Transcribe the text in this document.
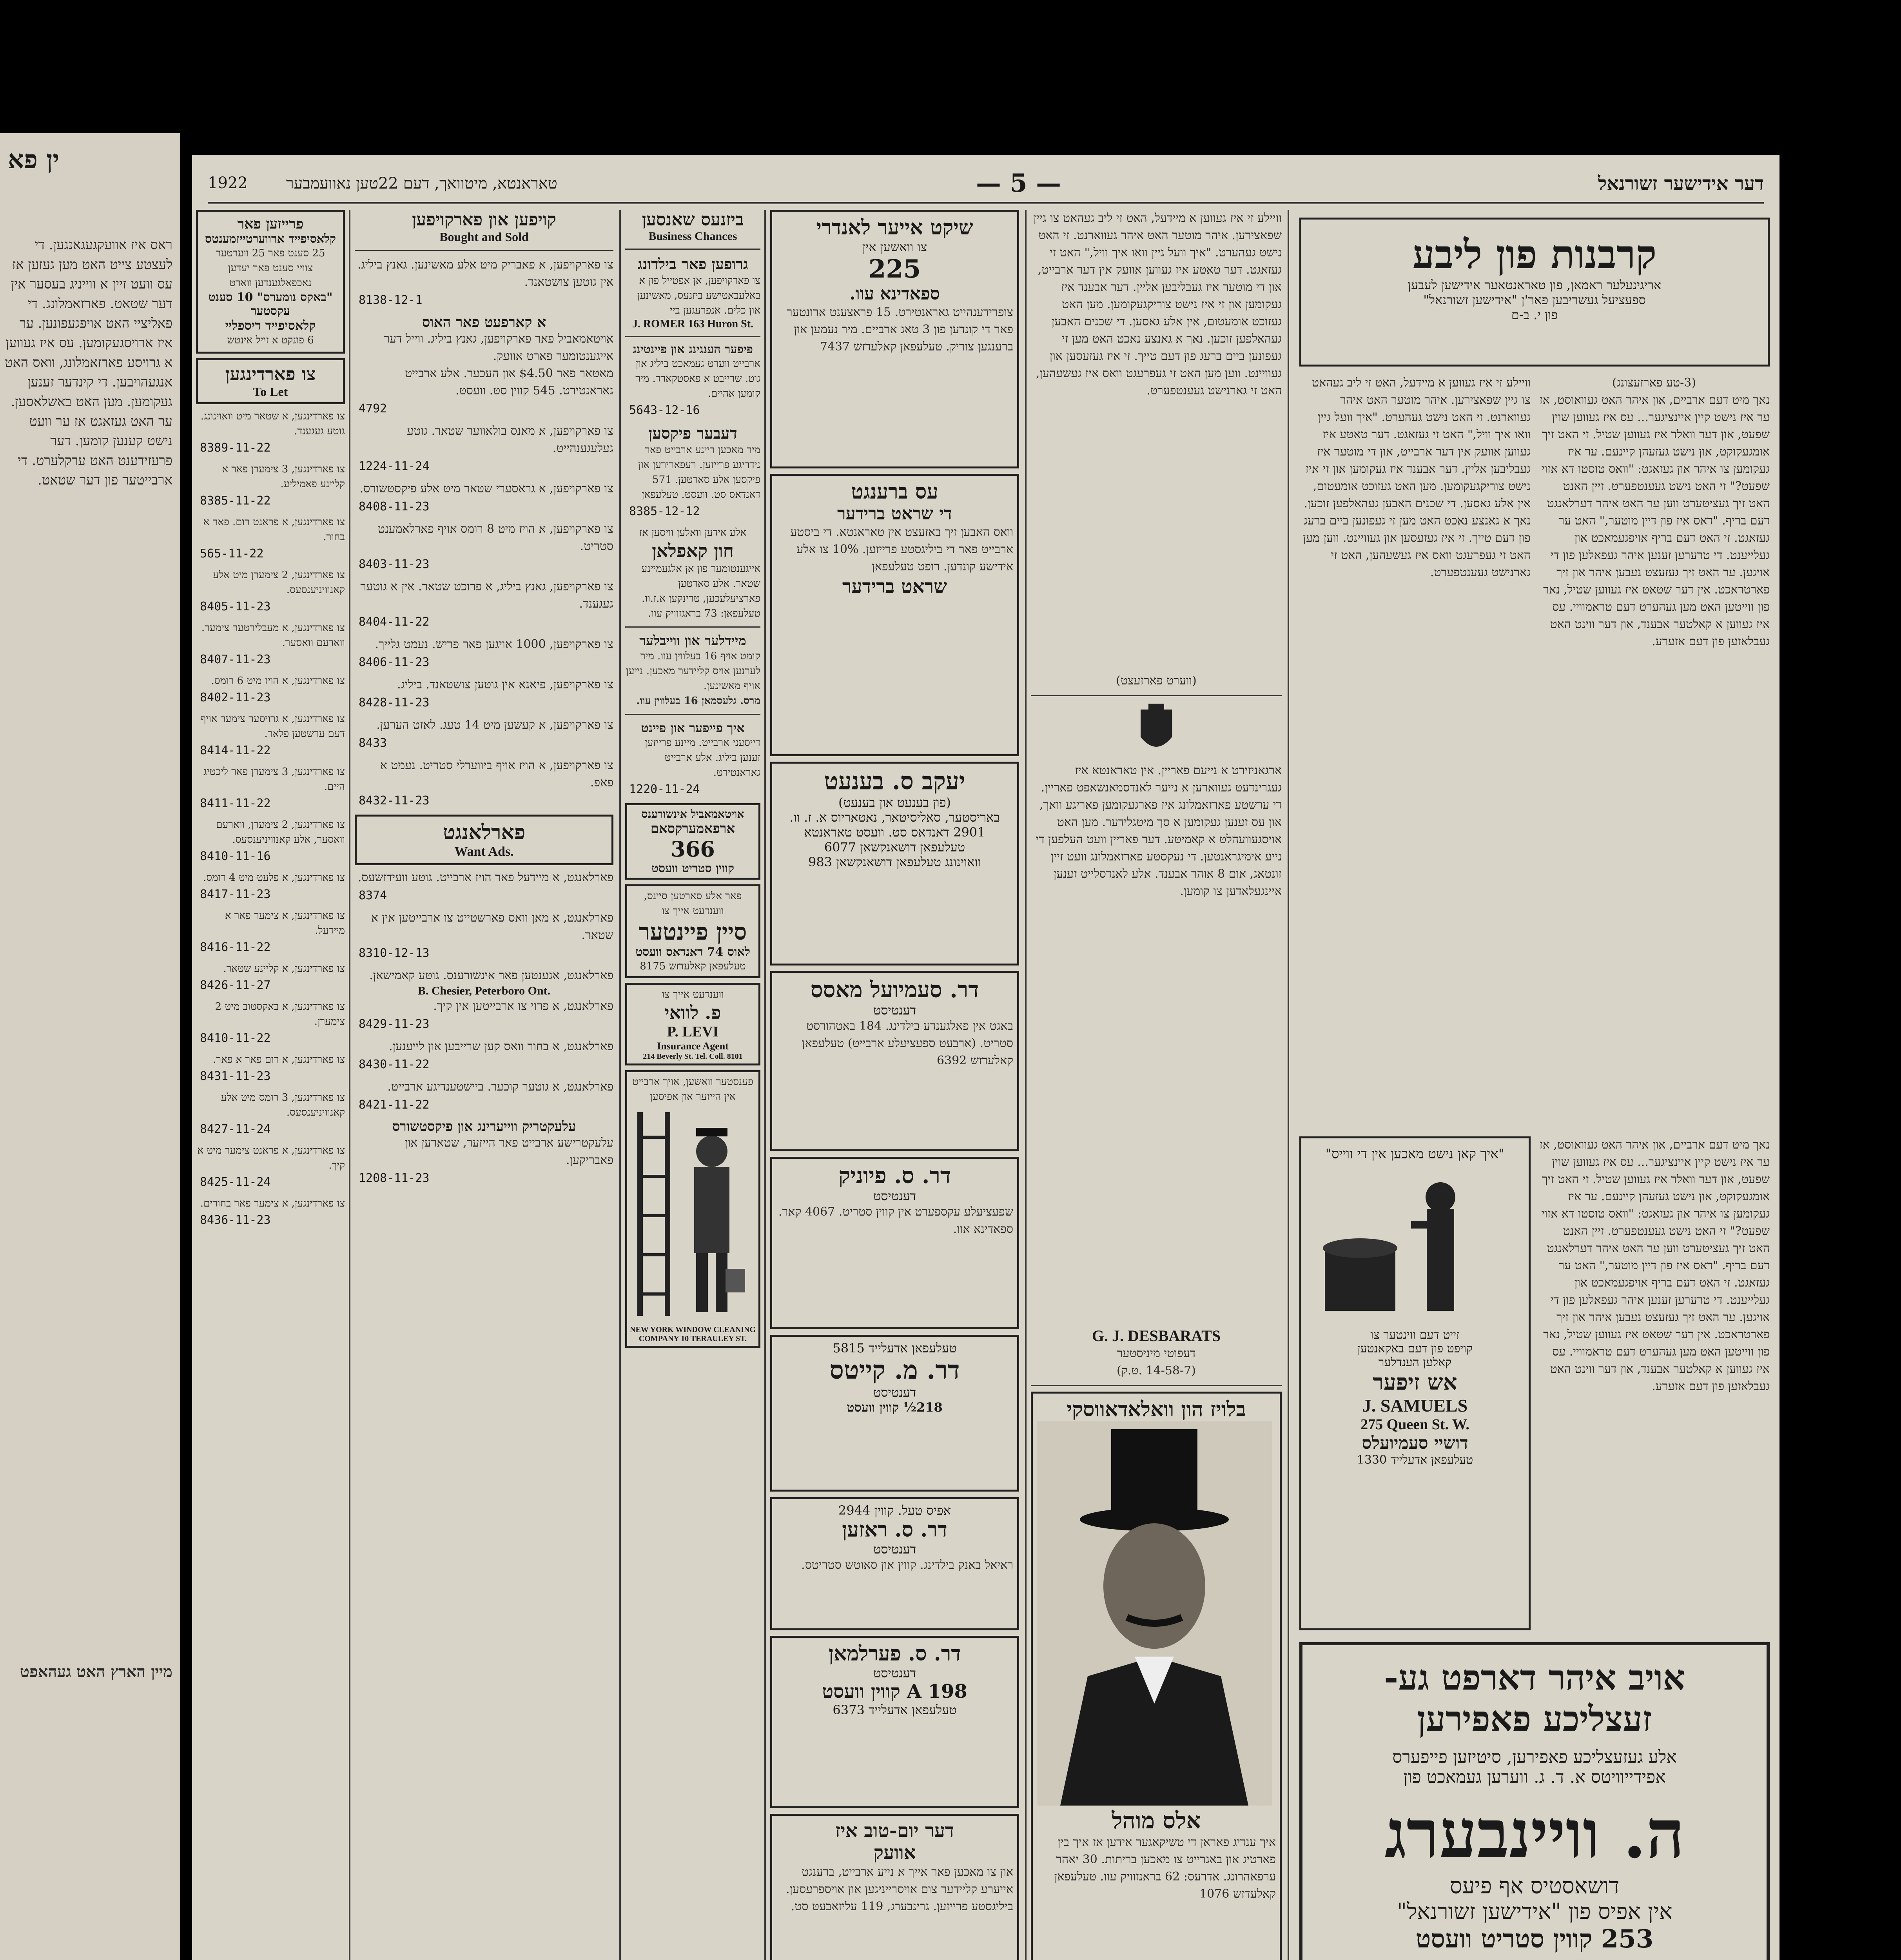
ין פא
ראס איז אוועקגעגאנגען. די לעצטע צייט האט מען געזען אז עס וועט זיין א ווייניג בעסער אין דער שטאט. פארזאמלונג. די פאליציי האט אויפגעפונען. ער איז ארויסגעקומען. עס איז געווען א גרויסע פארזאמלונג, וואס האט אנגעהויבען. די קינדער זענען געקומען. מען האט באשלאסען. ער האט געזאגט אז ער וועט נישט קענען קומען. דער פרעזידענט האט ערקלערט. די ארבייטער פון דער שטאט.
מיין הארץ האט געהאפט
דער אידישער זשורנאל
— 5 —
טאראנטא, מיטוואך, דעם 22טען נאוועמבער
1922
קרבנות פון ליבע
אריגינעלער ראמאן, פון טאראנטאער אידישען לעבען
ספעציעל געשריבען פאר'ן "אידישען זשורנאל"
פון י. ב-ם
(3-טע פארזעצונג)
נאך מיט דעם ארביים, און איהר האט געוואוסט, אז ער איז נישט קיין איינציגער... עס איז געווען שוין שפעט, און דער וואלד איז געווען שטיל. זי האט זיך אומגעקוקט, און נישט געזעהן קיינעם. ער איז געקומען צו איהר און געזאגט: "וואס טוסטו דא אזוי שפעט?" זי האט נישט געענטפערט. זיין האנט האט זיך געציטערט ווען ער האט איהר דערלאנגט דעם בריף. "דאס איז פון דיין מוטער," האט ער געזאגט. זי האט דעם בריף אויפגעמאכט און געלייענט. די טרערען זענען איהר געפאלען פון די אויגען. ער האט זיך געזעצט נעבען איהר און זיך פארטראכט. אין דער שטאט איז געווען שטיל, נאר פון ווייטען האט מען געהערט דעם טראמוויי. עס איז געווען א קאלטער אבענד, און דער ווינט האט געבלאזען פון דעם אזערע.
וויילע זי איז געווען א מיידעל, האט זי ליב געהאט צו גיין שפאצירען. איהר מוטער האט איהר געווארנט. זי האט נישט געהערט. "איך וועל גיין וואו איך וויל," האט זי געזאגט. דער טאטע איז געווען אוועק אין דער ארבייט, און די מוטער איז געבליבען אליין. דער אבענד איז געקומען און זי איז נישט צוריקגעקומען. מען האט געזוכט אומעטום, אין אלע גאסען. די שכנים האבען געהאלפען זוכען. נאך א גאנצע נאכט האט מען זי געפונען ביים ברעג פון דעם טייך. זי איז געזעסען און געוויינט. ווען מען האט זי געפרעגט וואס איז געשעהען, האט זי גארנישט געענטפערט.
נאך מיט דעם ארביים, און איהר האט געוואוסט, אז ער איז נישט קיין איינציגער... עס איז געווען שוין שפעט, און דער וואלד איז געווען שטיל. זי האט זיך אומגעקוקט, און נישט געזעהן קיינעם. ער איז געקומען צו איהר און געזאגט: "וואס טוסטו דא אזוי שפעט?" זי האט נישט געענטפערט. זיין האנט האט זיך געציטערט ווען ער האט איהר דערלאנגט דעם בריף. "דאס איז פון דיין מוטער," האט ער געזאגט. זי האט דעם בריף אויפגעמאכט און געלייענט. די טרערען זענען איהר געפאלען פון די אויגען. ער האט זיך געזעצט נעבען איהר און זיך פארטראכט. אין דער שטאט איז געווען שטיל, נאר פון ווייטען האט מען געהערט דעם טראמוויי. עס איז געווען א קאלטער אבענד, און דער ווינט האט געבלאזען פון דעם אזערע.
"איך קאן נישט מאכען אין די ווייס"
זייט דעם ווינטער צו
קויפט פון דעם באקאנטען
קאלען הענדלער
אש זיפער
J. SAMUELS
275 Queen St. W.
דושיי סעמיועלס
טעלעפאן אדעלייד 1330
אויב איהר דארפט גע-
זעצליכע פאפירען
אלע געזעצליכע פאפירען, סיטיזען פייפערס
אפידייוויטס א. ד. ג. ווערען געמאכט פון
ה. וויינבערג
דושאסטיס אף פיעס
אין אפיס פון "אידישען זשורנאל"
253 קווין סטריט וועסט
וויילע זי איז געווען א מיידעל, האט זי ליב געהאט צו גיין שפאצירען. איהר מוטער האט איהר געווארנט. זי האט נישט געהערט. "איך וועל גיין וואו איך וויל," האט זי געזאגט. דער טאטע איז געווען אוועק אין דער ארבייט, און די מוטער איז געבליבען אליין. דער אבענד איז געקומען און זי איז נישט צוריקגעקומען. מען האט געזוכט אומעטום, אין אלע גאסען. די שכנים האבען געהאלפען זוכען. נאך א גאנצע נאכט האט מען זי געפונען ביים ברעג פון דעם טייך. זי איז געזעסען און געוויינט. ווען מען האט זי געפרעגט וואס איז געשעהען, האט זי גארנישט געענטפערט.
(ווערט פארזעצט)
ארגאניזירט א נייעם פאריין. אין טאראנטא איז געגרינדעט געווארען א נייער לאנדסמאנשאפט פאריין. די ערשטע פארזאמלונג איז פארגעקומען פאריגע וואך, און עס זענען געקומען א סך מיטגלידער. מען האט אויסגעוועהלט א קאמיטע. דער פאריין וועט העלפען די נייע אימיגראנטען. די נעקסטע פארזאמלונג וועט זיין זונטאג, אום 8 אוהר אבענד. אלע לאנדסלייט זענען איינגעלאדען צו קומען.
G. J. DESBARATS
דעפוטי מיניסטער
(14-58-7 .ט.ק)
בלויז הון וואלאדאווסקי
אלס מוהל
איך ענדיג פאראן די טשיקאגער אידען אז איך בין פארטיג און באגרייט צו מאכען בריתות. 30 יאהר ערפאהרונג. אדרעס: 62 בראנזוויק עוו. טעלעפאן קאלעדזש 1076
שיקט אייער לאנדרי
צו וואשען אין
225
ספאדינא עוו.
צופרידענהייט גאראנטירט. 15 פראצענט ארונטער פאר די קונדען פון 3 טאג ארביים. מיר נעמען און ברענגען צוריק. טעלעפאן קאלעדזש 7437
עס ברענגט
די שראט ברידער
וואס האבען זיך באזעצט אין טאראנטא. די ביסטע ארבייט פאר די ביליגסטע פרייזען. 10% צו אלע אידישע קונדען. רופט טעלעפאן
שראט ברידער
יעקב ס. בענעט
(פון בענעט און בענעט)
באריסטער, סאליסיטאר, נאטאריוס א. ז. וו.
2901 דאנדאס סט. וועסט טאראנטא
טעלעפאן דושאנקשאן 6077
וואוינונג טעלעפאן דושאנקשאן 983
דר. סעמיועל מאסס
דענטיסט
באגט אין פאלגענדע בילדינג. 184 באטהורסט סטריט. (ארבעט ספעציעלע ארבייט) טעלעפאן קאלעדזש 6392
דר. ס. פיוניק
דענטיסט
שפעציעלע עקספערט אין קווין סטריט. 4067 קאר. ספאדינא אוו.
טעלעפאן אדעלייד 5815
דר. מ. קייטס
דענטיסט
218½ קווין וועסט
אפיס טעל. קווין 2944
דר. ס. ראזען
דענטיסט
ראיאל באנק בילדינג. קווין און סאוטש סטריטס.
דר. ס. פערלמאן
דענטיסט
198 A קווין וועסט
טעלעפאן אדעלייד 6373
דער יום-טוב איז
אוועק
און צו מאכען פאר אייך א נייע ארבייט, ברענגט אייערע קליידער צום אויסרייניגען און אויספרעסען. ביליגסטע פרייזען. גרינבערג, 119 עליזאבעט סט.
ביזנעס שאנסען
Business Chances
גרופען פאר בילדונג
צו פארקויפען, אן אפטייל פון א באלעבאטישע ביזנעס, מאשינען און כלים. אנפרעגען ביי
J. ROMER 163 Huron St.
פיפער הענגינג און פיינטינג
ארבייט ווערט געמאכט ביליג און גוט. שרייבט א פאסטקארד. מיר קומען אהיים.
5643-12-16
דעבער פיקסען
מיר מאכען ריינע ארבייט פאר נידריגע פרייזען. רעפארירען און פיקסען אלע סארטען. 571 דאנדאס סט. וועסט. טעלעפאן
8385-12-12
אלע אידען וואלען וויסען אז
חון קאפלאן
אייגענטומער פון אן אלגעמיינע שטאר. אלע סארטען פארציעלעכען, טרינקען א.ז.וו. טעלעפאן: 73 בראגזוויק עוו.
מיידלער און ווייבלער
קומט אויף 16 בעלווין עוו. מיר לערנען אויס קליידער מאכען. נייען אויף מאשינען.
מרס. גלעסמאן 16 בעלווין עוו.
איך פייפער און פיינט
דייסעני ארבייט. מיינע פרייזען זענען ביליג. אלע ארבייט גאראנטירט.
1220-11-24
אויטאמאביל אינשורענס
ארפאמערקסאם
366
קווין סטריט וועסט
פאר אלע סארטען סיינס, ווענדעט אייך צו
סיין פיינטער
לאוס 74 דאנדאס וועסט
טעלעפאן קאלעדזש 8175
ווענדעט אייך צו
פ. לוואי
P. LEVI
Insurance Agent
214 Beverly St. Tel. Coll. 8101
פענסטער וואשען, אויך ארבייט אין הייזער און אפיסען
NEW YORK WINDOW CLEANING
COMPANY 10 TERAULEY ST.
קויפען און פארקויפען
Bought and Sold
צו פארקויפען, א פאבריק מיט אלע מאשינען. גאנץ ביליג. אין גוטען צושטאנד.
8138-12-1
א קארפעט פאר האוס
אויטאמאביל פאר פארקויפען, גאנץ ביליג. ווייל דער אייגענטומער פארט אוועק.
מאטאר פאר $4.50 און העכער. אלע ארבייט גאראנטירט. 545 קווין סט. וועסט.
4792
צו פארקויפען, א מאנס בולאווער שטאר. גוטע געלעגענהייט.
1224-11-24
צו פארקויפען, א גראסערי שטאר מיט אלע פיקסטשורס.
8408-11-23
צו פארקויפען, א הויז מיט 8 רומס אויף פארלאמענט סטריט.
8403-11-23
צו פארקויפען, גאנץ ביליג, א פרוכט שטאר. אין א גוטער געגענד.
8404-11-22
צו פארקויפען, 1000 אויגען פאר פריש. נעמט גלייך.
8406-11-23
צו פארקויפען, פיאנא אין גוטען צושטאנד. ביליג.
8428-11-23
צו פארקויפען, א קעשען מיט 14 טעג. לאזט הערען.
8433
צו פארקויפען, א הויז אויף ביווערלי סטריט. נעמט א פאפ.
8432-11-23
פארלאנגט
Want Ads.
פארלאנגט, א מיידעל פאר הויז ארבייט. גוטע וועידזשעס.
8374
פארלאנגט, א מאן וואס פארשטייט צו ארבייטען אין א שטאר.
8310-12-13
פארלאנגט, אגענטען פאר אינשורענס. גוטע קאמישאן.
B. Chesier, Peterboro Ont.
פארלאנגט, א פרוי צו ארבייטען אין קיך.
8429-11-23
פארלאנגט, א בחור וואס קען שרייבען און לייענען.
8430-11-22
פארלאנגט, א גוטער קוכער. ביישטענדיגע ארבייט.
8421-11-22
עלעקטריק ווייערינג און פיקסטשורס
עלעקטרישע ארבייט פאר הייזער, שטארען און פאבריקען.
1208-11-23
פרייזען פאר
קלאסיפייד ארווערטייזמענטס
25 סענט פאר 25 ווערטער
צוויי סענט פאר יעדען נאכפאלגענדען ווארט
"באקס נומערס" 10 סענט עקסטער
קלאסיפייד דיספליי
6 פונקט א זייל אינטש
צו פארדינגען
To Let
צו פארדינגען, א שטאר מיט וואוינונג. גוטע געגענד.
8389-11-22
צו פארדינגען, 3 צימערן פאר א קליינע פאמיליע.
8385-11-22
צו פארדינגען, א פראנט רום. פאר א בחור.
565-11-22
צו פארדינגען, 2 צימערן מיט אלע קאנוויניענסעס.
8405-11-23
צו פארדינגען, א מעבלירטער צימער. ווארעם וואסער.
8407-11-23
צו פארדינגען, א הויז מיט 6 רומס.
8402-11-23
צו פארדינגען, א גרויסער צימער אויף דעם ערשטען פלאר.
8414-11-22
צו פארדינגען, 3 צימערן פאר ליכטיג היים.
8411-11-22
צו פארדינגען, 2 צימערן, ווארעם וואסער, אלע קאנוויניענסעס.
8410-11-16
צו פארדינגען, א פלעט מיט 4 רומס.
8417-11-23
צו פארדינגען, א צימער פאר א מיידעל.
8416-11-22
צו פארדינגען, א קליינע שטאר.
8426-11-27
צו פארדינגען, א באקסטוב מיט 2 צימערן.
8410-11-22
צו פארדינגען, א רום פאר א פאר.
8431-11-23
צו פארדינגען, 3 רומס מיט אלע קאנוויניענסעס.
8427-11-24
צו פארדינגען, א פראנט צימער מיט א קיך.
8425-11-24
צו פארדינגען, א צימער פאר בחורים.
8436-11-23
